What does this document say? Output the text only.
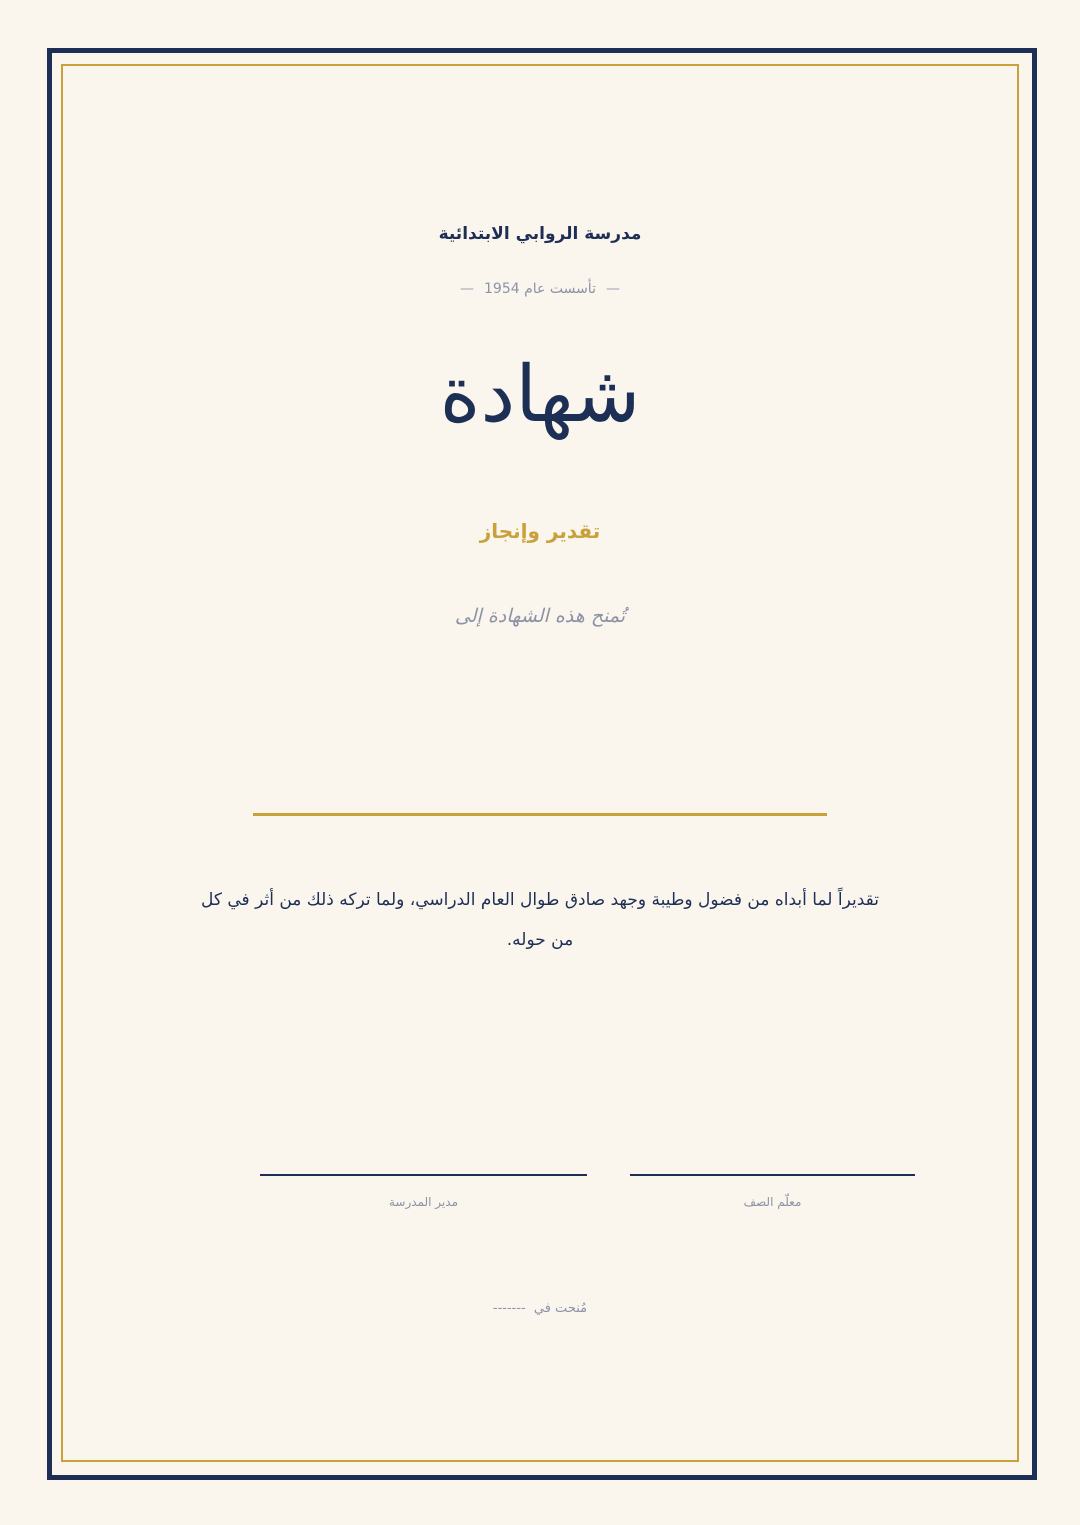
مدرسة الروابي الابتدائية
—تأسست عام 1954—
شهادة
تقدير وإنجاز
تُمنح هذه الشهادة إلى
تقديراً لما أبداه من فضول وطيبة وجهد صادق طوال العام الدراسي، ولما تركه ذلك من أثر في كل من حوله.
معلّم الصف
مدير المدرسة
مُنحت في -------
